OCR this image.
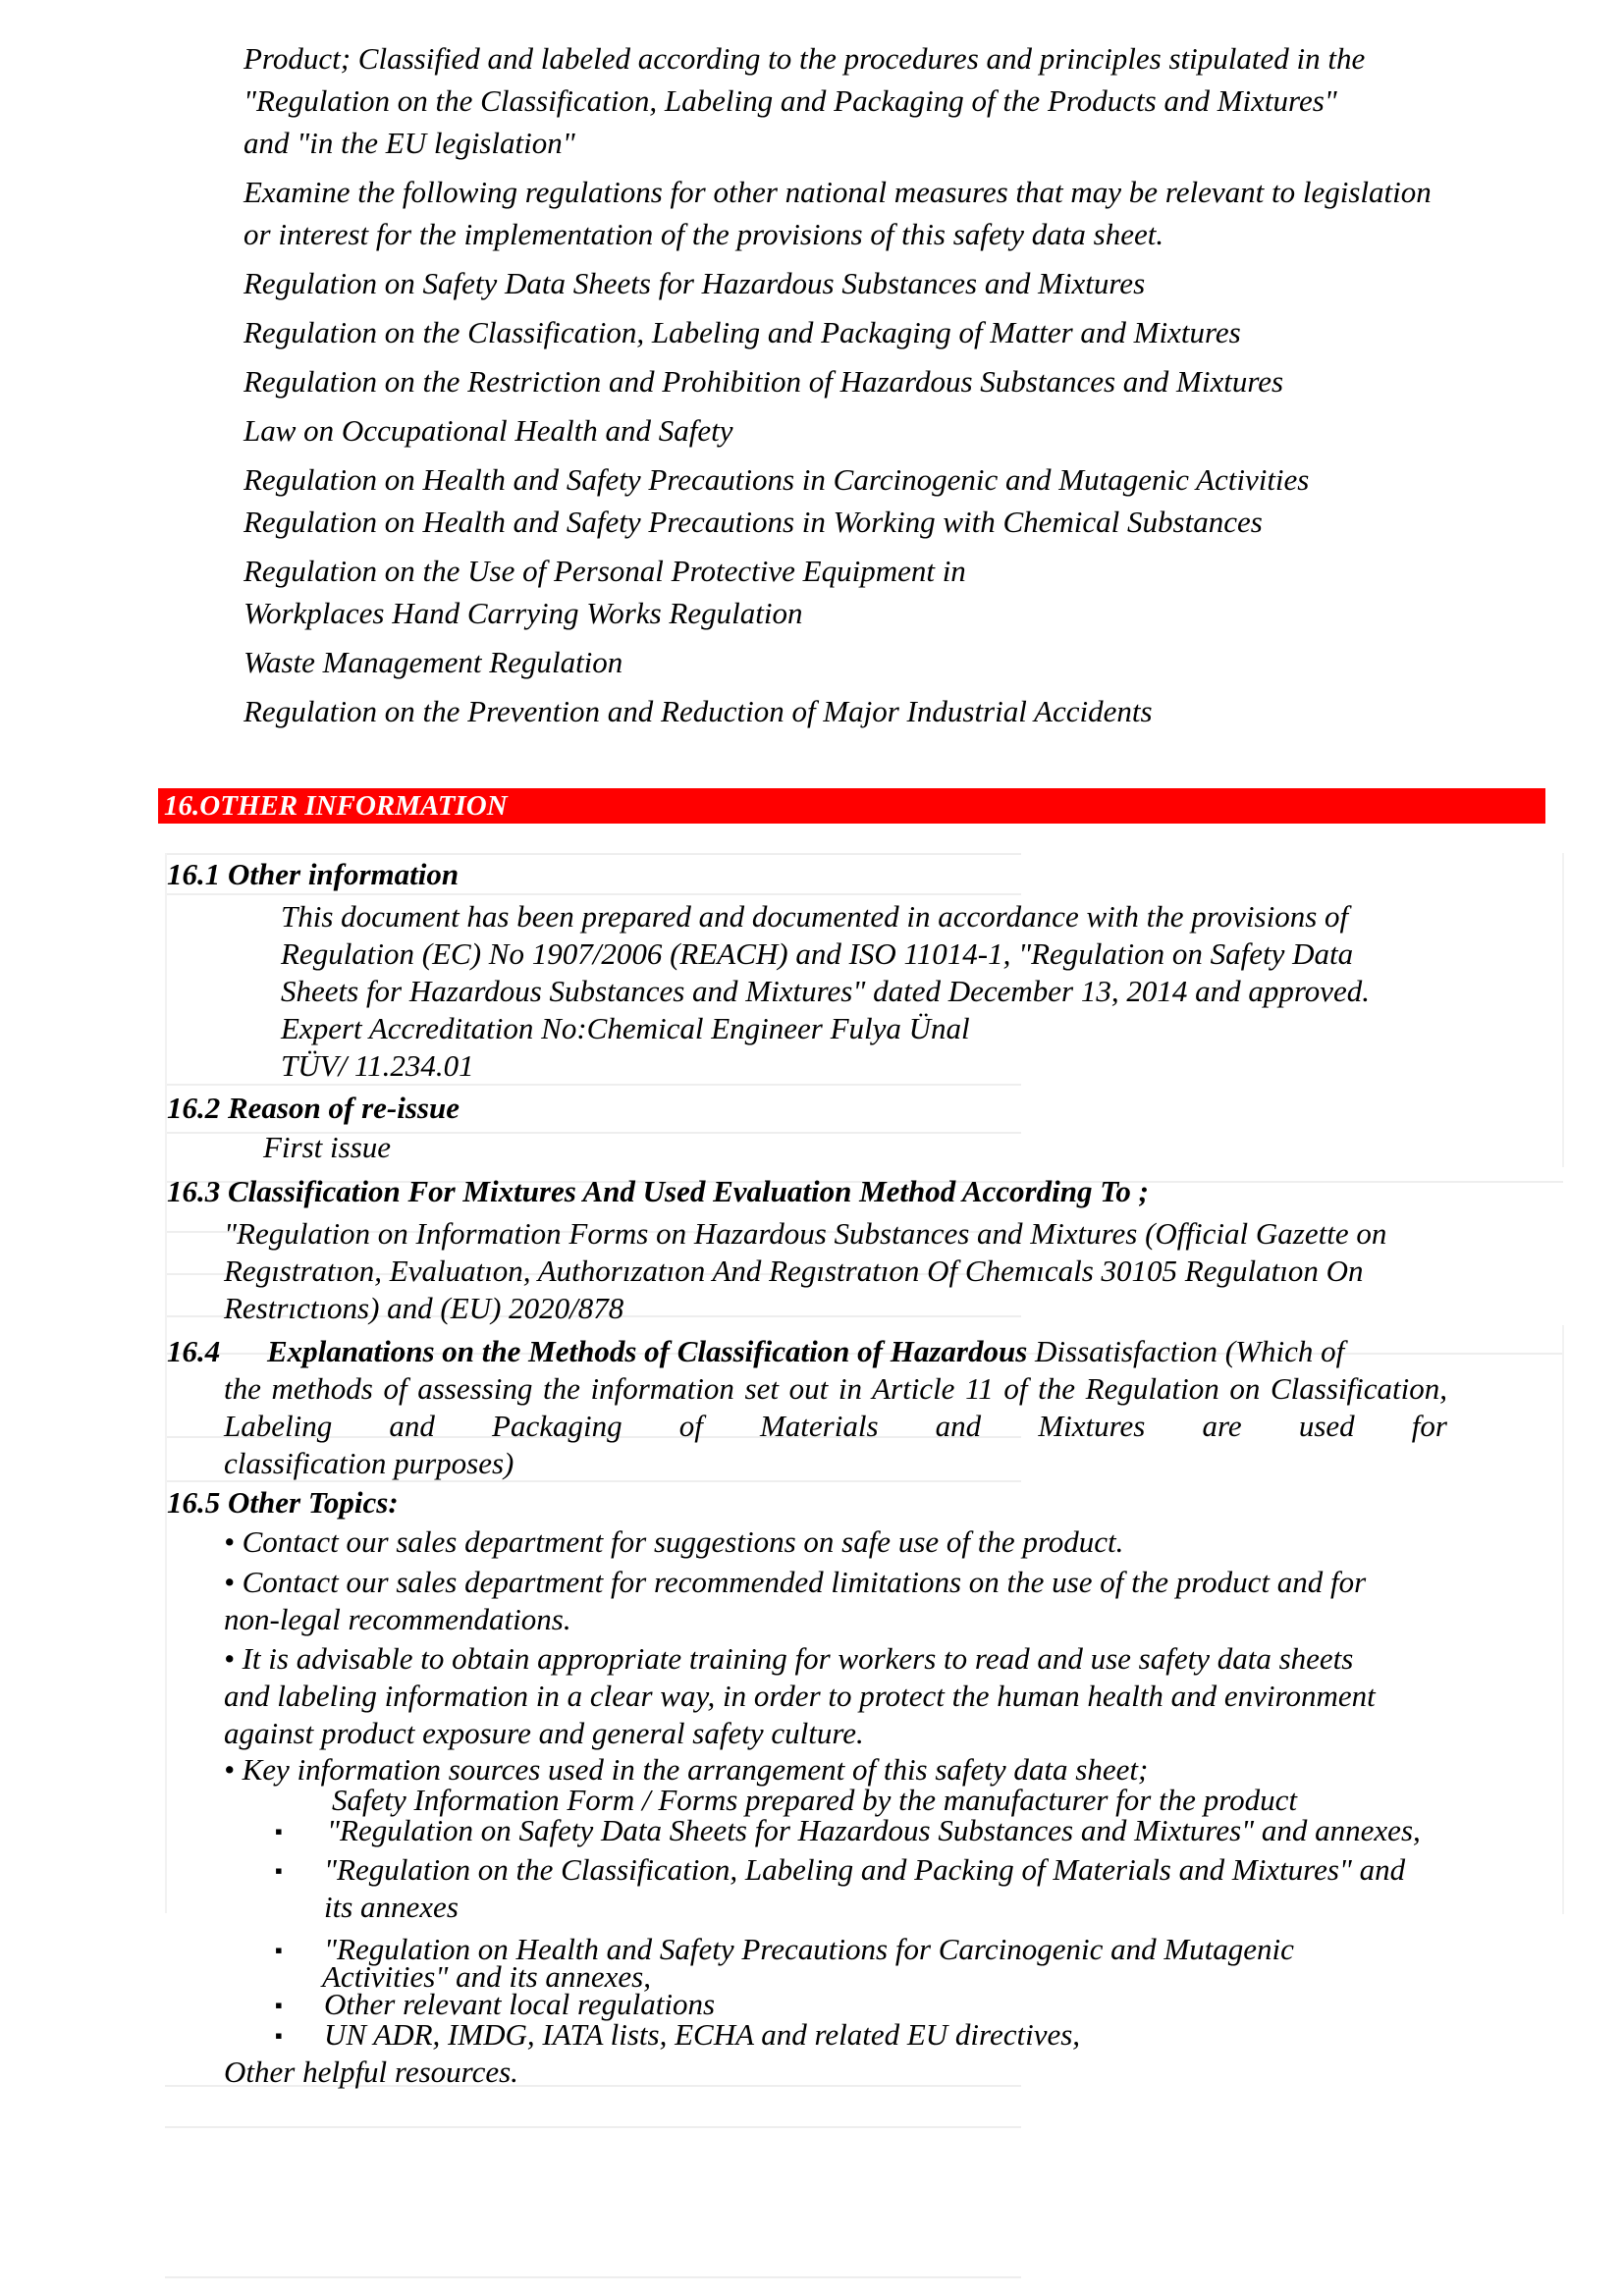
Product; Classified and labeled according to the procedures and principles stipulated in the

"Regulation on the Classification, Labeling and Packaging of the Products and Mixtures"

and "in the EU legislation"

Examine the following regulations for other national measures that may be relevant to legislation

or interest for the implementation of the provisions of this safety data sheet.

Regulation on Safety Data Sheets for Hazardous Substances and Mixtures

Regulation on the Classification, Labeling and Packaging of Matter and Mixtures

Regulation on the Restriction and Prohibition of Hazardous Substances and Mixtures

Law on Occupational Health and Safety

Regulation on Health and Safety Precautions in Carcinogenic and Mutagenic Activities

Regulation on Health and Safety Precautions in Working with Chemical Substances

Regulation on the Use of Personal Protective Equipment in

Workplaces Hand Carrying Works Regulation

Waste Management Regulation

Regulation on the Prevention and Reduction of Major Industrial Accidents

16.OTHER INFORMATION
16.1 Other information
This document has been prepared and documented in accordance with the provisions of
Regulation (EC) No 1907/2006 (REACH) and ISO 11014-1, "Regulation on Safety Data
Sheets for Hazardous Substances and Mixtures" dated December 13, 2014 and approved.
Expert Accreditation No:Chemical Engineer Fulya Ünal
TÜV/ 11.234.01
16.2 Reason of re-issue
First issue
16.3 Classification For Mixtures And Used Evaluation Method According To ;
"Regulation on Information Forms on Hazardous Substances and Mixtures (Official Gazette on
Regıstratıon, Evaluatıon, Authorızatıon And Regıstratıon Of Chemıcals 30105 Regulatıon On
Restrıctıons) and (EU) 2020/878
16.4 Explanations on the Methods of Classification of Hazardous Dissatisfaction (Which of
the methods of assessing the information set out in Article 11 of the Regulation on Classification, Labeling and Packaging of Materials and Mixtures are used for
classification purposes)
16.5 Other Topics:
• Contact our sales department for suggestions on safe use of the product.
• Contact our sales department for recommended limitations on the use of the product and for
non-legal recommendations.
• It is advisable to obtain appropriate training for workers to read and use safety data sheets
and labeling information in a clear way, in order to protect the human health and environment
against product exposure and general safety culture.
• Key information sources used in the arrangement of this safety data sheet;
Safety Information Form / Forms prepared by the manufacturer for the product
▪ "Regulation on Safety Data Sheets for Hazardous Substances and Mixtures" and annexes,
▪ "Regulation on the Classification, Labeling and Packing of Materials and Mixtures" and
its annexes
▪ "Regulation on Health and Safety Precautions for Carcinogenic and Mutagenic
Activities" and its annexes,
▪ Other relevant local regulations
▪ UN ADR, IMDG, IATA lists, ECHA and related EU directives,
Other helpful resources.
